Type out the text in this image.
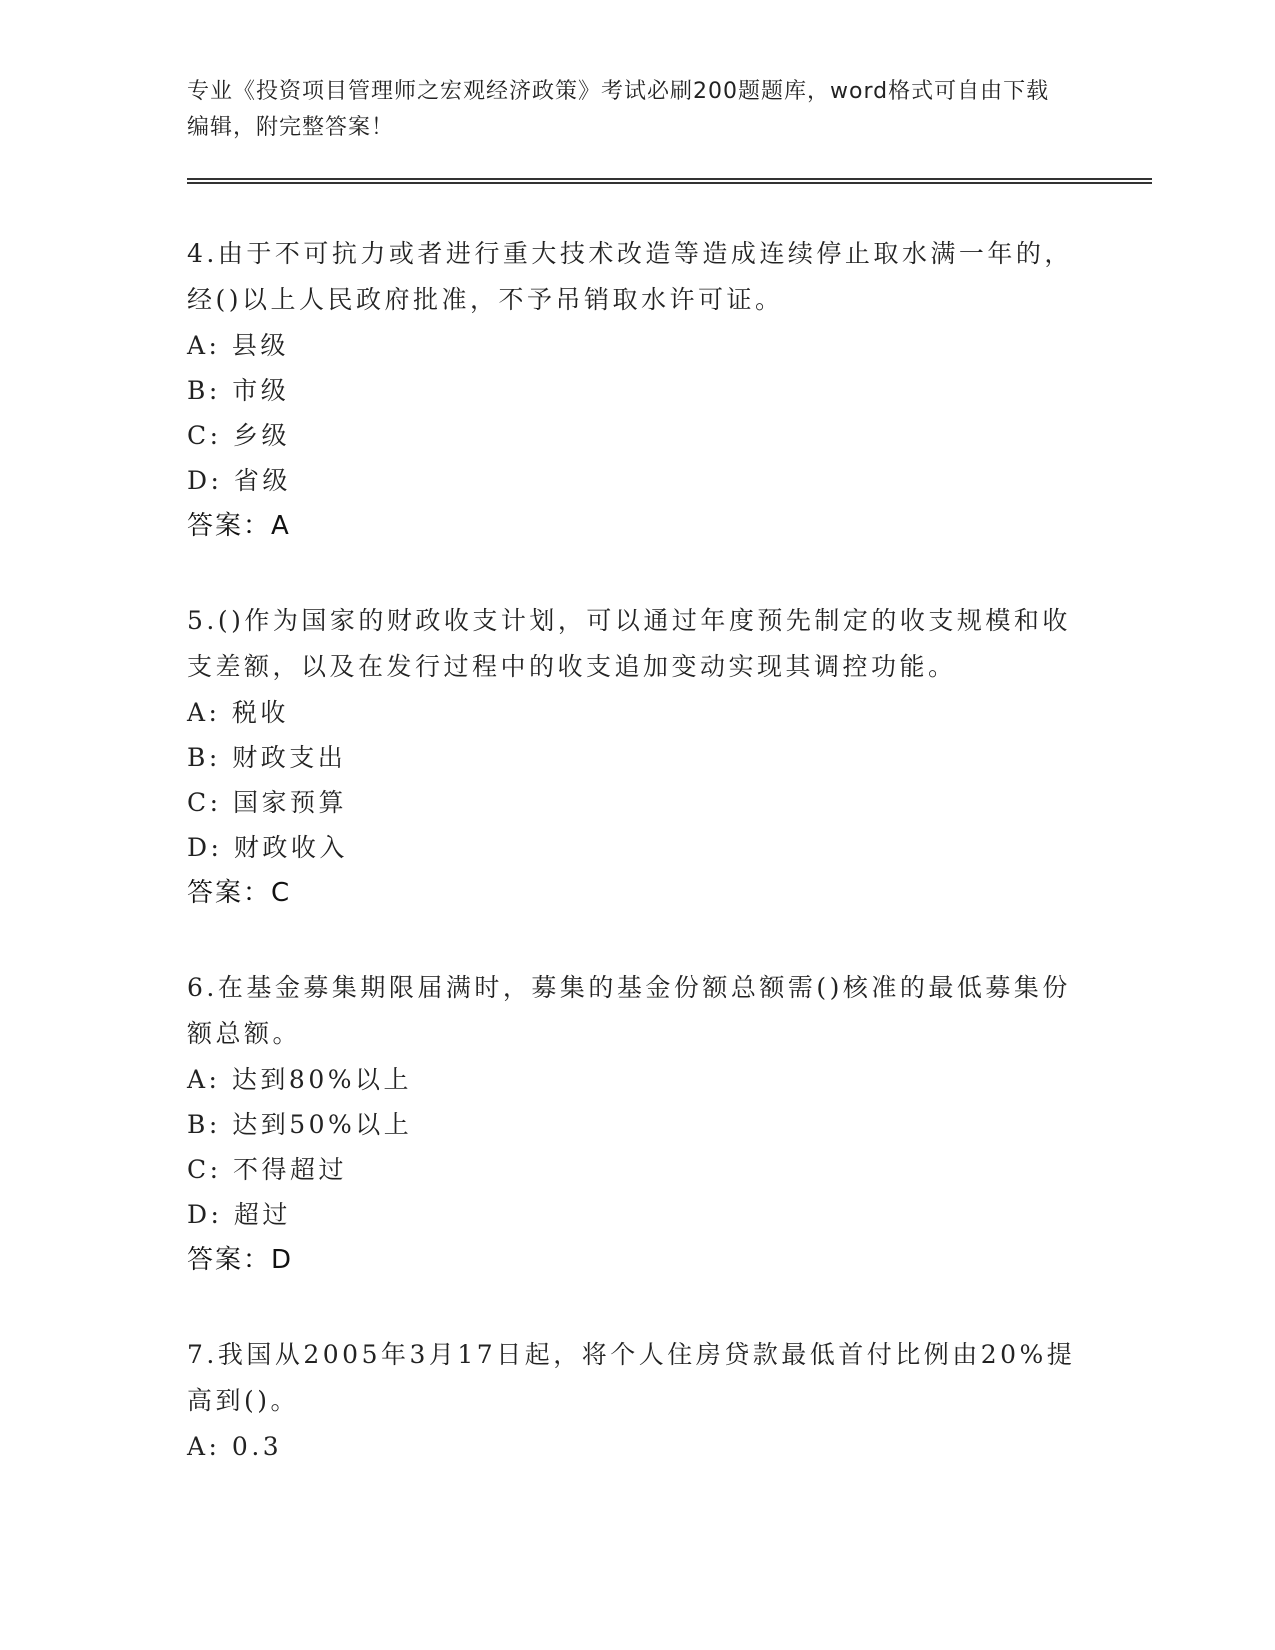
专业《投资项目管理师之宏观经济政策》考试必刷200题题库，word格式可自由下载编辑，附完整答案！

4.由于不可抗力或者进行重大技术改造等造成连续停止取水满一年的，经()以上人民政府批准，不予吊销取水许可证。

A: 县级

B: 市级

C: 乡级

D: 省级

答案：A

5.()作为国家的财政收支计划，可以通过年度预先制定的收支规模和收支差额，以及在发行过程中的收支追加变动实现其调控功能。

A: 税收

B: 财政支出

C: 国家预算

D: 财政收入

答案：C

6.在基金募集期限届满时，募集的基金份额总额需()核准的最低募集份额总额。

A: 达到80%以上

B: 达到50%以上

C: 不得超过

D: 超过

答案：D

7.我国从2005年3月17日起，将个人住房贷款最低首付比例由20%提高到()。

A: 0.3
